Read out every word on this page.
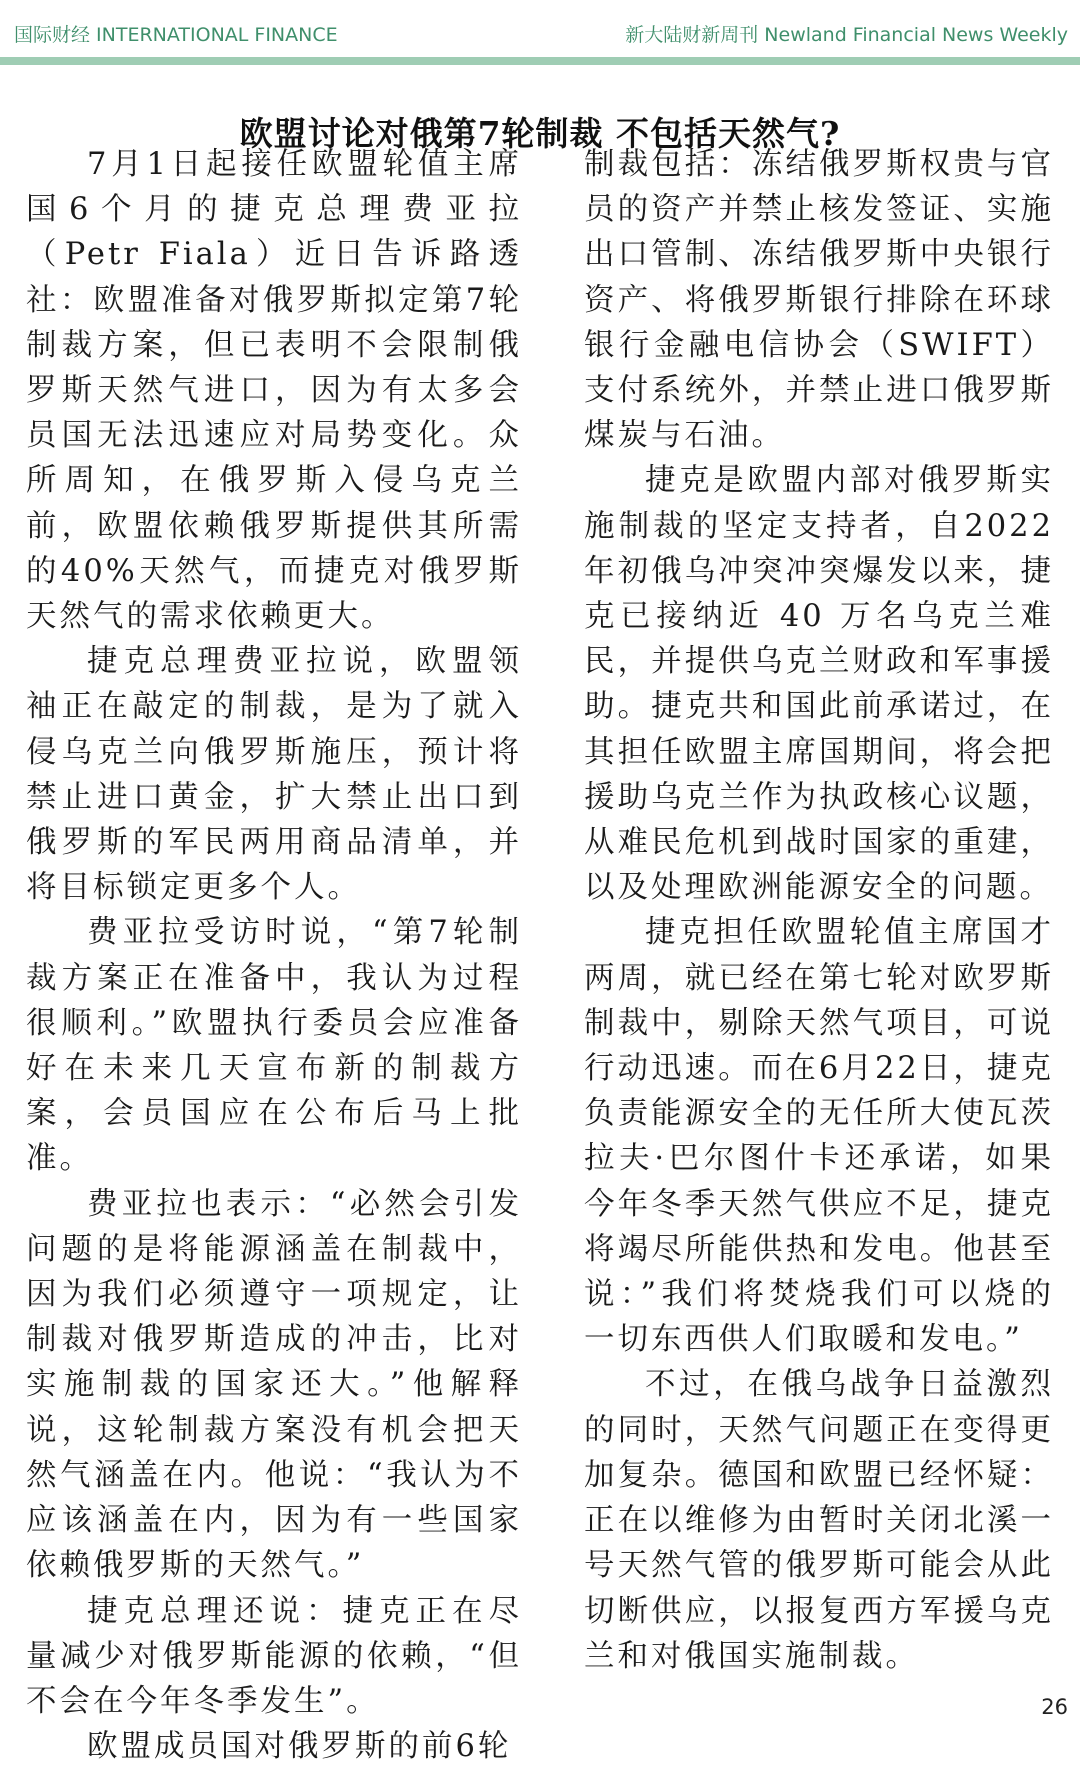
国际财经 INTERNATIONAL FINANCE	新大陆财新周刊 Newland Financial News Weekly
欧盟讨论对俄第7轮制裁 不包括天然气?

7月1日起接任欧盟轮值主席国6个月的捷克总理费亚拉（Petr Fiala）近日告诉路透社：欧盟准备对俄罗斯拟定第7轮制裁方案，但已表明不会限制俄罗斯天然气进口，因为有太多会员国无法迅速应对局势变化。众所周知，在俄罗斯入侵乌克兰前，欧盟依赖俄罗斯提供其所需的40%天然气，而捷克对俄罗斯天然气的需求依赖更大。

捷克总理费亚拉说，欧盟领袖正在敲定的制裁，是为了就入侵乌克兰向俄罗斯施压，预计将禁止进口黄金，扩大禁止出口到俄罗斯的军民两用商品清单，并将目标锁定更多个人。

费亚拉受访时说，“第7轮制裁方案正在准备中，我认为过程很顺利。”欧盟执行委员会应准备好在未来几天宣布新的制裁方案，会员国应在公布后马上批准。

费亚拉也表示：“必然会引发问题的是将能源涵盖在制裁中，因为我们必须遵守一项规定，让制裁对俄罗斯造成的冲击，比对实施制裁的国家还大。”他解释说，这轮制裁方案没有机会把天然气涵盖在内。他说：“我认为不应该涵盖在内，因为有一些国家依赖俄罗斯的天然气。”

捷克总理还说：捷克正在尽量减少对俄罗斯能源的依赖，“但不会在今年冬季发生”。

欧盟成员国对俄罗斯的前6轮

制裁包括：冻结俄罗斯权贵与官员的资产并禁止核发签证、实施出口管制、冻结俄罗斯中央银行资产、将俄罗斯银行排除在环球银行金融电信协会（SWIFT）支付系统外，并禁止进口俄罗斯煤炭与石油。

捷克是欧盟内部对俄罗斯实施制裁的坚定支持者，自2022年初俄乌冲突冲突爆发以来，捷克已接纳近 40 万名乌克兰难民，并提供乌克兰财政和军事援助。捷克共和国此前承诺过，在其担任欧盟主席国期间，将会把援助乌克兰作为执政核心议题，从难民危机到战时国家的重建，以及处理欧洲能源安全的问题。

捷克担任欧盟轮值主席国才两周，就已经在第七轮对欧罗斯制裁中，剔除天然气项目，可说行动迅速。而在6月22日，捷克负责能源安全的无任所大使瓦茨拉夫·巴尔图什卡还承诺，如果今年冬季天然气供应不足，捷克将竭尽所能供热和发电。他甚至说：”我们将焚烧我们可以烧的一切东西供人们取暖和发电。”

不过，在俄乌战争日益激烈的同时，天然气问题正在变得更加复杂。德国和欧盟已经怀疑：正在以维修为由暂时关闭北溪一号天然气管的俄罗斯可能会从此切断供应，以报复西方军援乌克兰和对俄国实施制裁。

26
